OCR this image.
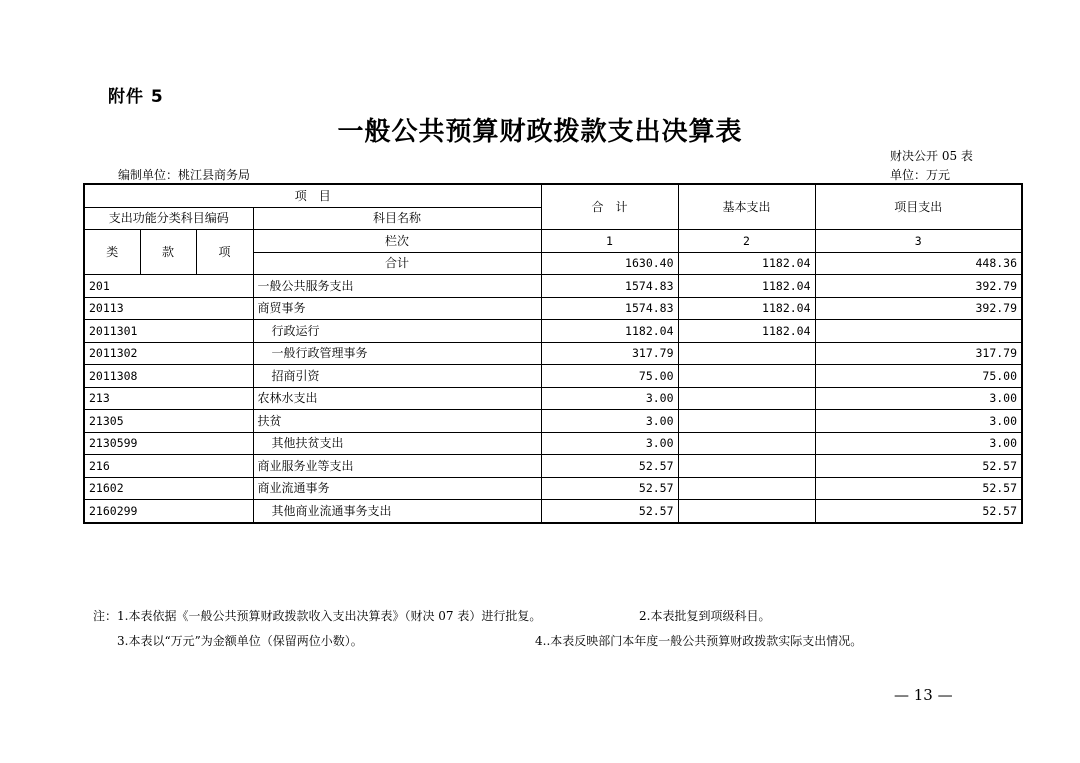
附件 5
一般公共预算财政拨款支出决算表
财决公开 05 表
编制单位：桃江县商务局	单位：万元
项　目				合　计	基本支出	项目支出
支出功能分类科目编码			科目名称			
类	款	项	栏次	1	2	3
			合计	1630.40	1182.04	448.36
201			一般公共服务支出	1574.83	1182.04	392.79
20113			商贸事务	1574.83	1182.04	392.79
2011301			行政运行	1182.04	1182.04	
2011302			一般行政管理事务	317.79		317.79
2011308			招商引资	75.00		75.00
213			农林水支出	3.00		3.00
21305			扶贫	3.00		3.00
2130599			其他扶贫支出	3.00		3.00
216			商业服务业等支出	52.57		52.57
21602			商业流通事务	52.57		52.57
2160299			其他商业流通事务支出	52.57		52.57
注：1.本表依据《一般公共预算财政拨款收入支出决算表》（财决 07 表）进行批复。	2.本表批复到项级科目。
3.本表以“万元”为金额单位（保留两位小数）。	4..本表反映部门本年度一般公共预算财政拨款实际支出情况。
— 13 —
